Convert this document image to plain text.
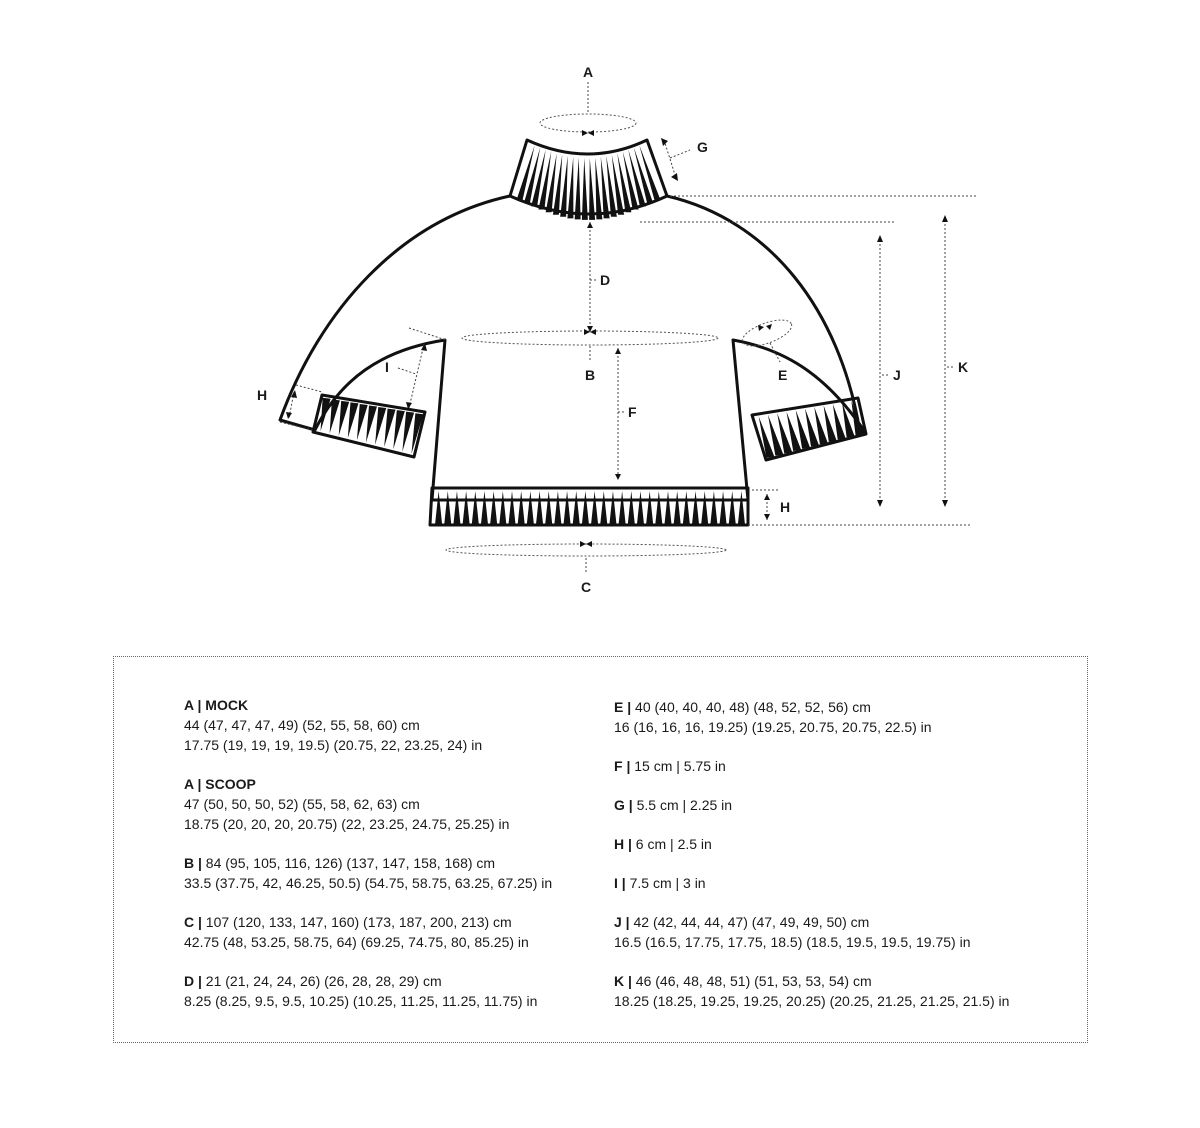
A
G
D
B
F
E
I
H
H
J	K
C
A | MOCK
44 (47, 47, 47, 49) (52, 55, 58, 60) cm
17.75 (19, 19, 19, 19.5) (20.75, 22, 23.25, 24) in
A | SCOOP
47 (50, 50, 50, 52) (55, 58, 62, 63) cm
18.75 (20, 20, 20, 20.75) (22, 23.25, 24.75, 25.25) in
B | 84 (95, 105, 116, 126) (137, 147, 158, 168) cm
33.5 (37.75, 42, 46.25, 50.5) (54.75, 58.75, 63.25, 67.25) in
C | 107 (120, 133, 147, 160) (173, 187, 200, 213) cm
42.75 (48, 53.25, 58.75, 64) (69.25, 74.75, 80, 85.25) in
D | 21 (21, 24, 24, 26) (26, 28, 28, 29) cm
8.25 (8.25, 9.5, 9.5, 10.25) (10.25, 11.25, 11.25, 11.75) in
E | 40 (40, 40, 40, 48) (48, 52, 52, 56) cm
16 (16, 16, 16, 19.25) (19.25, 20.75, 20.75, 22.5) in
F | 15 cm | 5.75 in
G | 5.5 cm | 2.25 in
H | 6 cm | 2.5 in
I | 7.5 cm | 3 in
J | 42 (42, 44, 44, 47) (47, 49, 49, 50) cm
16.5 (16.5, 17.75, 17.75, 18.5) (18.5, 19.5, 19.5, 19.75) in
K | 46 (46, 48, 48, 51) (51, 53, 53, 54) cm
18.25 (18.25, 19.25, 19.25, 20.25) (20.25, 21.25, 21.25, 21.5) in
